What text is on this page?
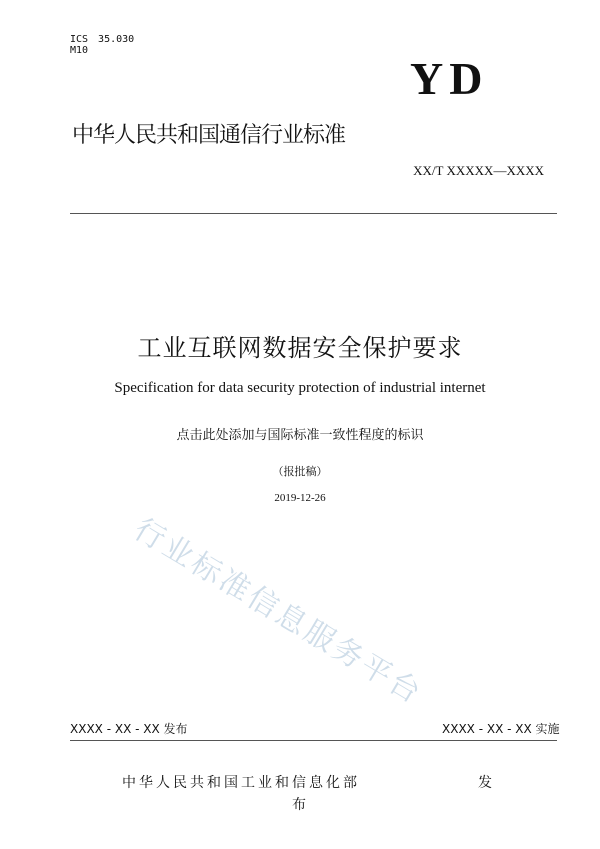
ICS　35.030
M10
YD
中华人民共和国通信行业标准
XX/T XXXXX—XXXX
工业互联网数据安全保护要求
Specification for data security protection of industrial internet
点击此处添加与国际标准一致性程度的标识
（报批稿）
2019-12-26
行业标准信息服务平台
XXXX - XX - XX 发布	XXXX - XX - XX 实施
中华人民共和国工业和信息化部	发
布
